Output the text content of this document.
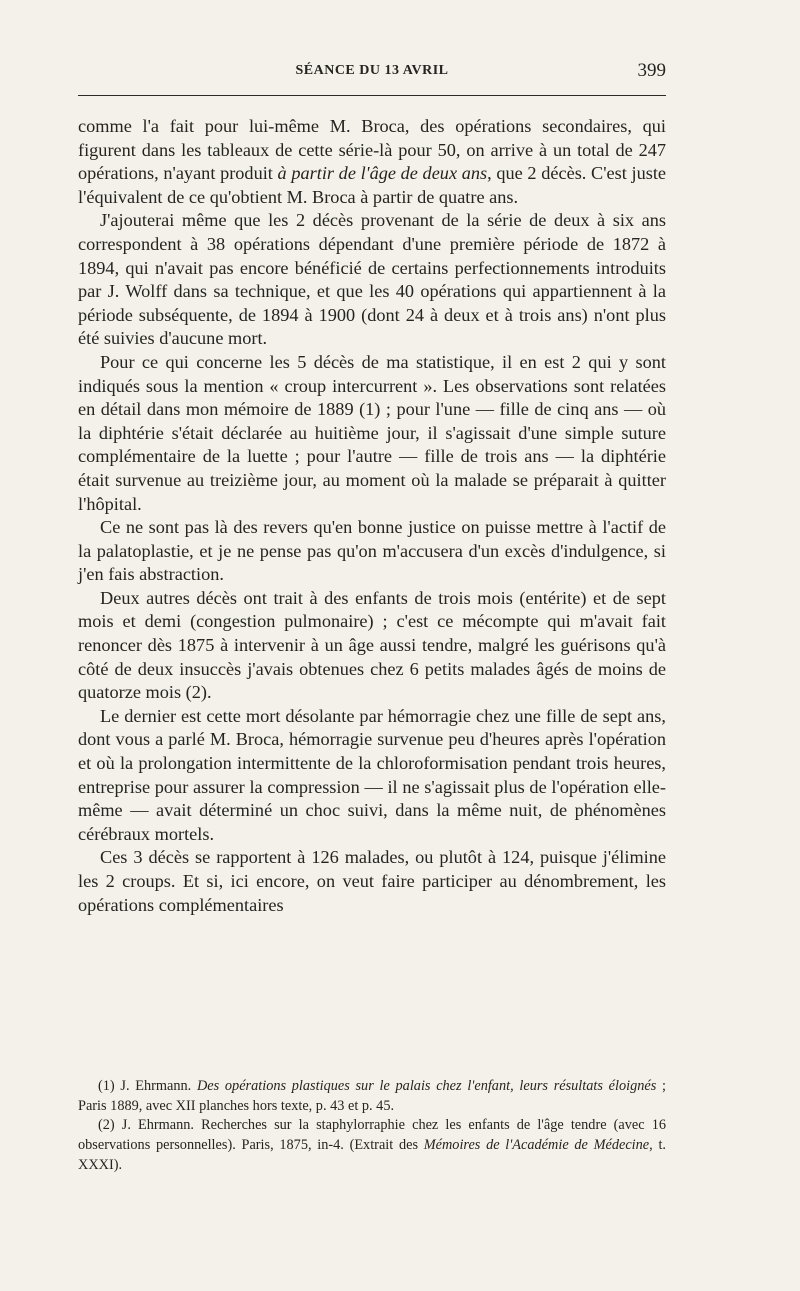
SÉANCE DU 13 AVRIL	399

comme l'a fait pour lui-même M. Broca, des opérations secondaires, qui figurent dans les tableaux de cette série-là pour 50, on arrive à un total de 247 opérations, n'ayant produit à partir de l'âge de deux ans, que 2 décès. C'est juste l'équivalent de ce qu'obtient M. Broca à partir de quatre ans.

J'ajouterai même que les 2 décès provenant de la série de deux à six ans correspondent à 38 opérations dépendant d'une première période de 1872 à 1894, qui n'avait pas encore bénéficié de certains perfectionnements introduits par J. Wolff dans sa technique, et que les 40 opérations qui appartiennent à la période subséquente, de 1894 à 1900 (dont 24 à deux et à trois ans) n'ont plus été suivies d'aucune mort.

Pour ce qui concerne les 5 décès de ma statistique, il en est 2 qui y sont indiqués sous la mention « croup intercurrent ». Les observations sont relatées en détail dans mon mémoire de 1889 (1) ; pour l'une — fille de cinq ans — où la diphtérie s'était déclarée au huitième jour, il s'agissait d'une simple suture complémentaire de la luette ; pour l'autre — fille de trois ans — la diphtérie était survenue au treizième jour, au moment où la malade se préparait à quitter l'hôpital.

Ce ne sont pas là des revers qu'en bonne justice on puisse mettre à l'actif de la palatoplastie, et je ne pense pas qu'on m'accusera d'un excès d'indulgence, si j'en fais abstraction.

Deux autres décès ont trait à des enfants de trois mois (entérite) et de sept mois et demi (congestion pulmonaire) ; c'est ce mécompte qui m'avait fait renoncer dès 1875 à intervenir à un âge aussi tendre, malgré les guérisons qu'à côté de deux insuccès j'avais obtenues chez 6 petits malades âgés de moins de quatorze mois (2).

Le dernier est cette mort désolante par hémorragie chez une fille de sept ans, dont vous a parlé M. Broca, hémorragie survenue peu d'heures après l'opération et où la prolongation intermittente de la chloroformisation pendant trois heures, entreprise pour assurer la compression — il ne s'agissait plus de l'opération elle-même — avait déterminé un choc suivi, dans la même nuit, de phénomènes cérébraux mortels.

Ces 3 décès se rapportent à 126 malades, ou plutôt à 124, puisque j'élimine les 2 croups. Et si, ici encore, on veut faire participer au dénombrement, les opérations complémentaires

(1) J. Ehrmann. Des opérations plastiques sur le palais chez l'enfant, leurs résultats éloignés ; Paris 1889, avec XII planches hors texte, p. 43 et p. 45.

(2) J. Ehrmann. Recherches sur la staphylorraphie chez les enfants de l'âge tendre (avec 16 observations personnelles). Paris, 1875, in-4. (Extrait des Mémoires de l'Académie de Médecine, t. XXXI).
